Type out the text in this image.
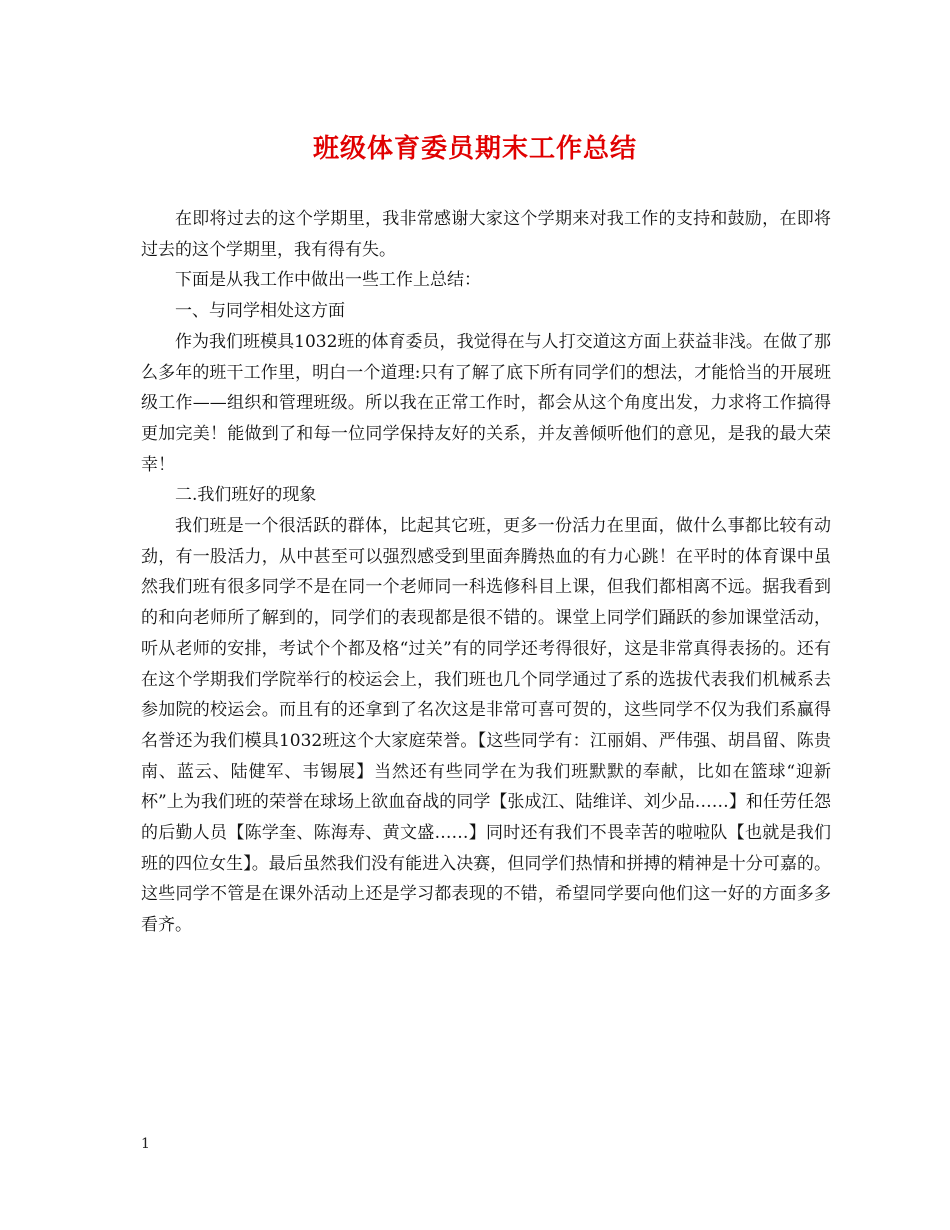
班级体育委员期末工作总结

在即将过去的这个学期里，我非常感谢大家这个学期来对我工作的支持和鼓励，在即将过去的这个学期里，我有得有失。

下面是从我工作中做出一些工作上总结：

一、与同学相处这方面

作为我们班模具1032班的体育委员，我觉得在与人打交道这方面上获益非浅。在做了那么多年的班干工作里，明白一个道理:只有了解了底下所有同学们的想法，才能恰当的开展班级工作——组织和管理班级。所以我在正常工作时，都会从这个角度出发，力求将工作搞得更加完美！能做到了和每一位同学保持友好的关系，并友善倾听他们的意见，是我的最大荣幸！

二.我们班好的现象

我们班是一个很活跃的群体，比起其它班，更多一份活力在里面，做什么事都比较有动劲，有一股活力，从中甚至可以强烈感受到里面奔腾热血的有力心跳！在平时的体育课中虽然我们班有很多同学不是在同一个老师同一科选修科目上课，但我们都相离不远。据我看到的和向老师所了解到的，同学们的表现都是很不错的。课堂上同学们踊跃的参加课堂活动，听从老师的安排，考试个个都及格“过关”有的同学还考得很好，这是非常真得表扬的。还有在这个学期我们学院举行的校运会上，我们班也几个同学通过了系的选拔代表我们机械系去参加院的校运会。而且有的还拿到了名次这是非常可喜可贺的，这些同学不仅为我们系赢得名誉还为我们模具1032班这个大家庭荣誉。【这些同学有：江丽娟、严伟强、胡昌留、陈贵南、蓝云、陆健军、韦锡展】当然还有些同学在为我们班默默的奉献，比如在篮球“迎新杯”上为我们班的荣誉在球场上欲血奋战的同学【张成江、陆维详、刘少品……】和任劳任怨的后勤人员【陈学奎、陈海寿、黄文盛……】同时还有我们不畏幸苦的啦啦队【也就是我们班的四位女生】。最后虽然我们没有能进入决赛，但同学们热情和拼搏的精神是十分可嘉的。这些同学不管是在课外活动上还是学习都表现的不错，希望同学要向他们这一好的方面多多看齐。

1
